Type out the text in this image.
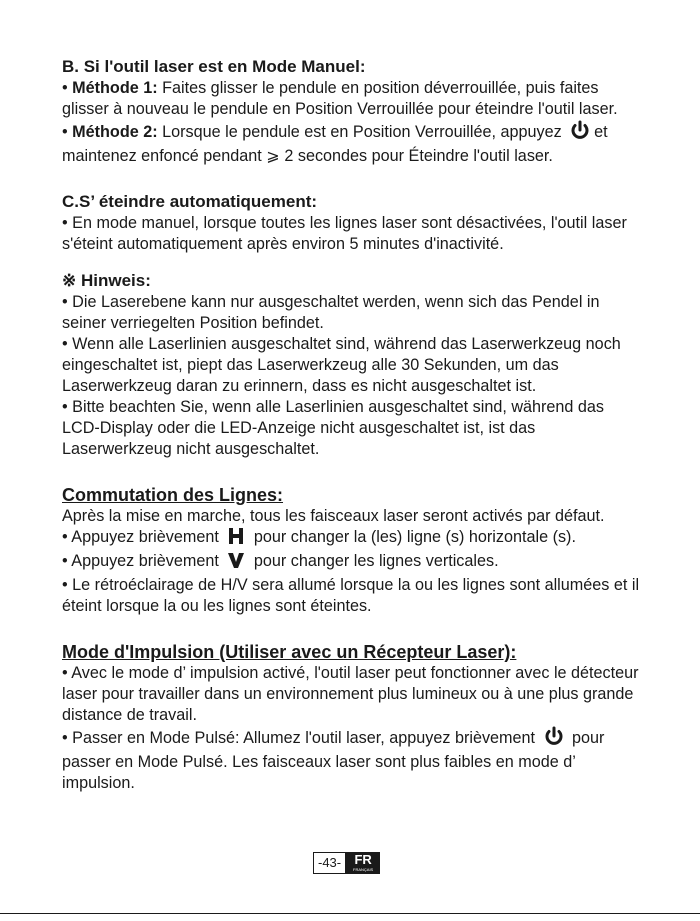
B. Si l'outil laser est en Mode Manuel:

• Méthode 1: Faites glisser le pendule en position déverrouillée, puis faites glisser à nouveau le pendule en Position Verrouillée pour éteindre l'outil laser.

• Méthode 2: Lorsque le pendule est en Position Verrouillée, appuyez et maintenez enfoncé pendant ⩾ 2 secondes pour Éteindre l'outil laser.

C.S’ éteindre automatiquement:

• En mode manuel, lorsque toutes les lignes laser sont désactivées, l'outil laser s'éteint automatiquement après environ 5 minutes d'inactivité.

※ Hinweis:

• Die Laserebene kann nur ausgeschaltet werden, wenn sich das Pendel in seiner verriegelten Position befindet.

• Wenn alle Laserlinien ausgeschaltet sind, während das Laserwerkzeug noch eingeschaltet ist, piept das Laserwerkzeug alle 30 Sekunden, um das Laserwerkzeug daran zu erinnern, dass es nicht ausgeschaltet ist.

• Bitte beachten Sie, wenn alle Laserlinien ausgeschaltet sind, während das LCD-Display oder die LED-Anzeige nicht ausgeschaltet ist, ist das Laserwerkzeug nicht ausgeschaltet.

Commutation des Lignes:

Après la mise en marche, tous les faisceaux laser seront activés par défaut.

• Appuyez brièvement  pour changer la (les) ligne (s) horizontale (s).

• Appuyez brièvement  pour changer les lignes verticales.

• Le rétroéclairage de H/V sera allumé lorsque la ou les lignes sont allumées et il éteint lorsque la ou les lignes sont éteintes.

Mode d'Impulsion (Utiliser avec un Récepteur Laser):

• Avec le mode d’ impulsion activé, l'outil laser peut fonctionner avec le détecteur laser pour travailler dans un environnement plus lumineux ou à une plus grande distance de travail.

• Passer en Mode Pulsé: Allumez l'outil laser, appuyez brièvement  pour passer en Mode Pulsé. Les faisceaux laser sont plus faibles en mode d’ impulsion.

-43-	FR
FRANÇAIS
